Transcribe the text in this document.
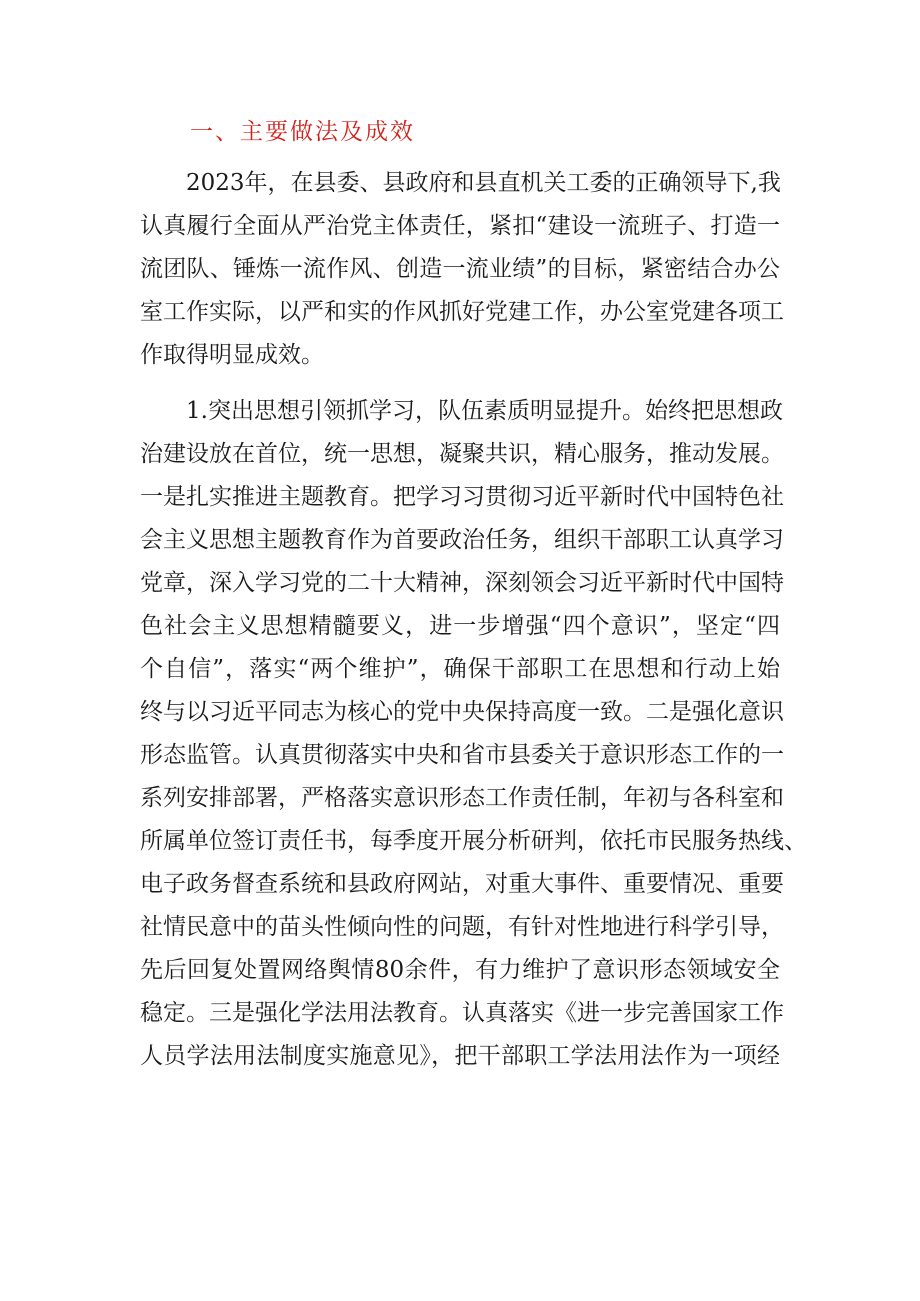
一、主要做法及成效
2023年，在县委、县政府和县直机关工委的正确领导下,我
认真履行全面从严治党主体责任，紧扣“建设一流班子、打造一
流团队、锤炼一流作风、创造一流业绩”的目标，紧密结合办公
室工作实际，以严和实的作风抓好党建工作，办公室党建各项工
作取得明显成效。
1.突出思想引领抓学习，队伍素质明显提升。始终把思想政
治建设放在首位，统一思想，凝聚共识，精心服务，推动发展。
一是扎实推进主题教育。把学习习贯彻习近平新时代中国特色社
会主义思想主题教育作为首要政治任务，组织干部职工认真学习
党章，深入学习党的二十大精神，深刻领会习近平新时代中国特
色社会主义思想精髓要义，进一步增强“四个意识”，坚定“四
个自信”，落实“两个维护”，确保干部职工在思想和行动上始
终与以习近平同志为核心的党中央保持高度一致。二是强化意识
形态监管。认真贯彻落实中央和省市县委关于意识形态工作的一
系列安排部署，严格落实意识形态工作责任制，年初与各科室和
所属单位签订责任书，每季度开展分析研判，依托市民服务热线、
电子政务督查系统和县政府网站，对重大事件、重要情况、重要
社情民意中的苗头性倾向性的问题，有针对性地进行科学引导，
先后回复处置网络舆情80余件，有力维护了意识形态领域安全
稳定。三是强化学法用法教育。认真落实《进一步完善国家工作
人员学法用法制度实施意见》，把干部职工学法用法作为一项经
